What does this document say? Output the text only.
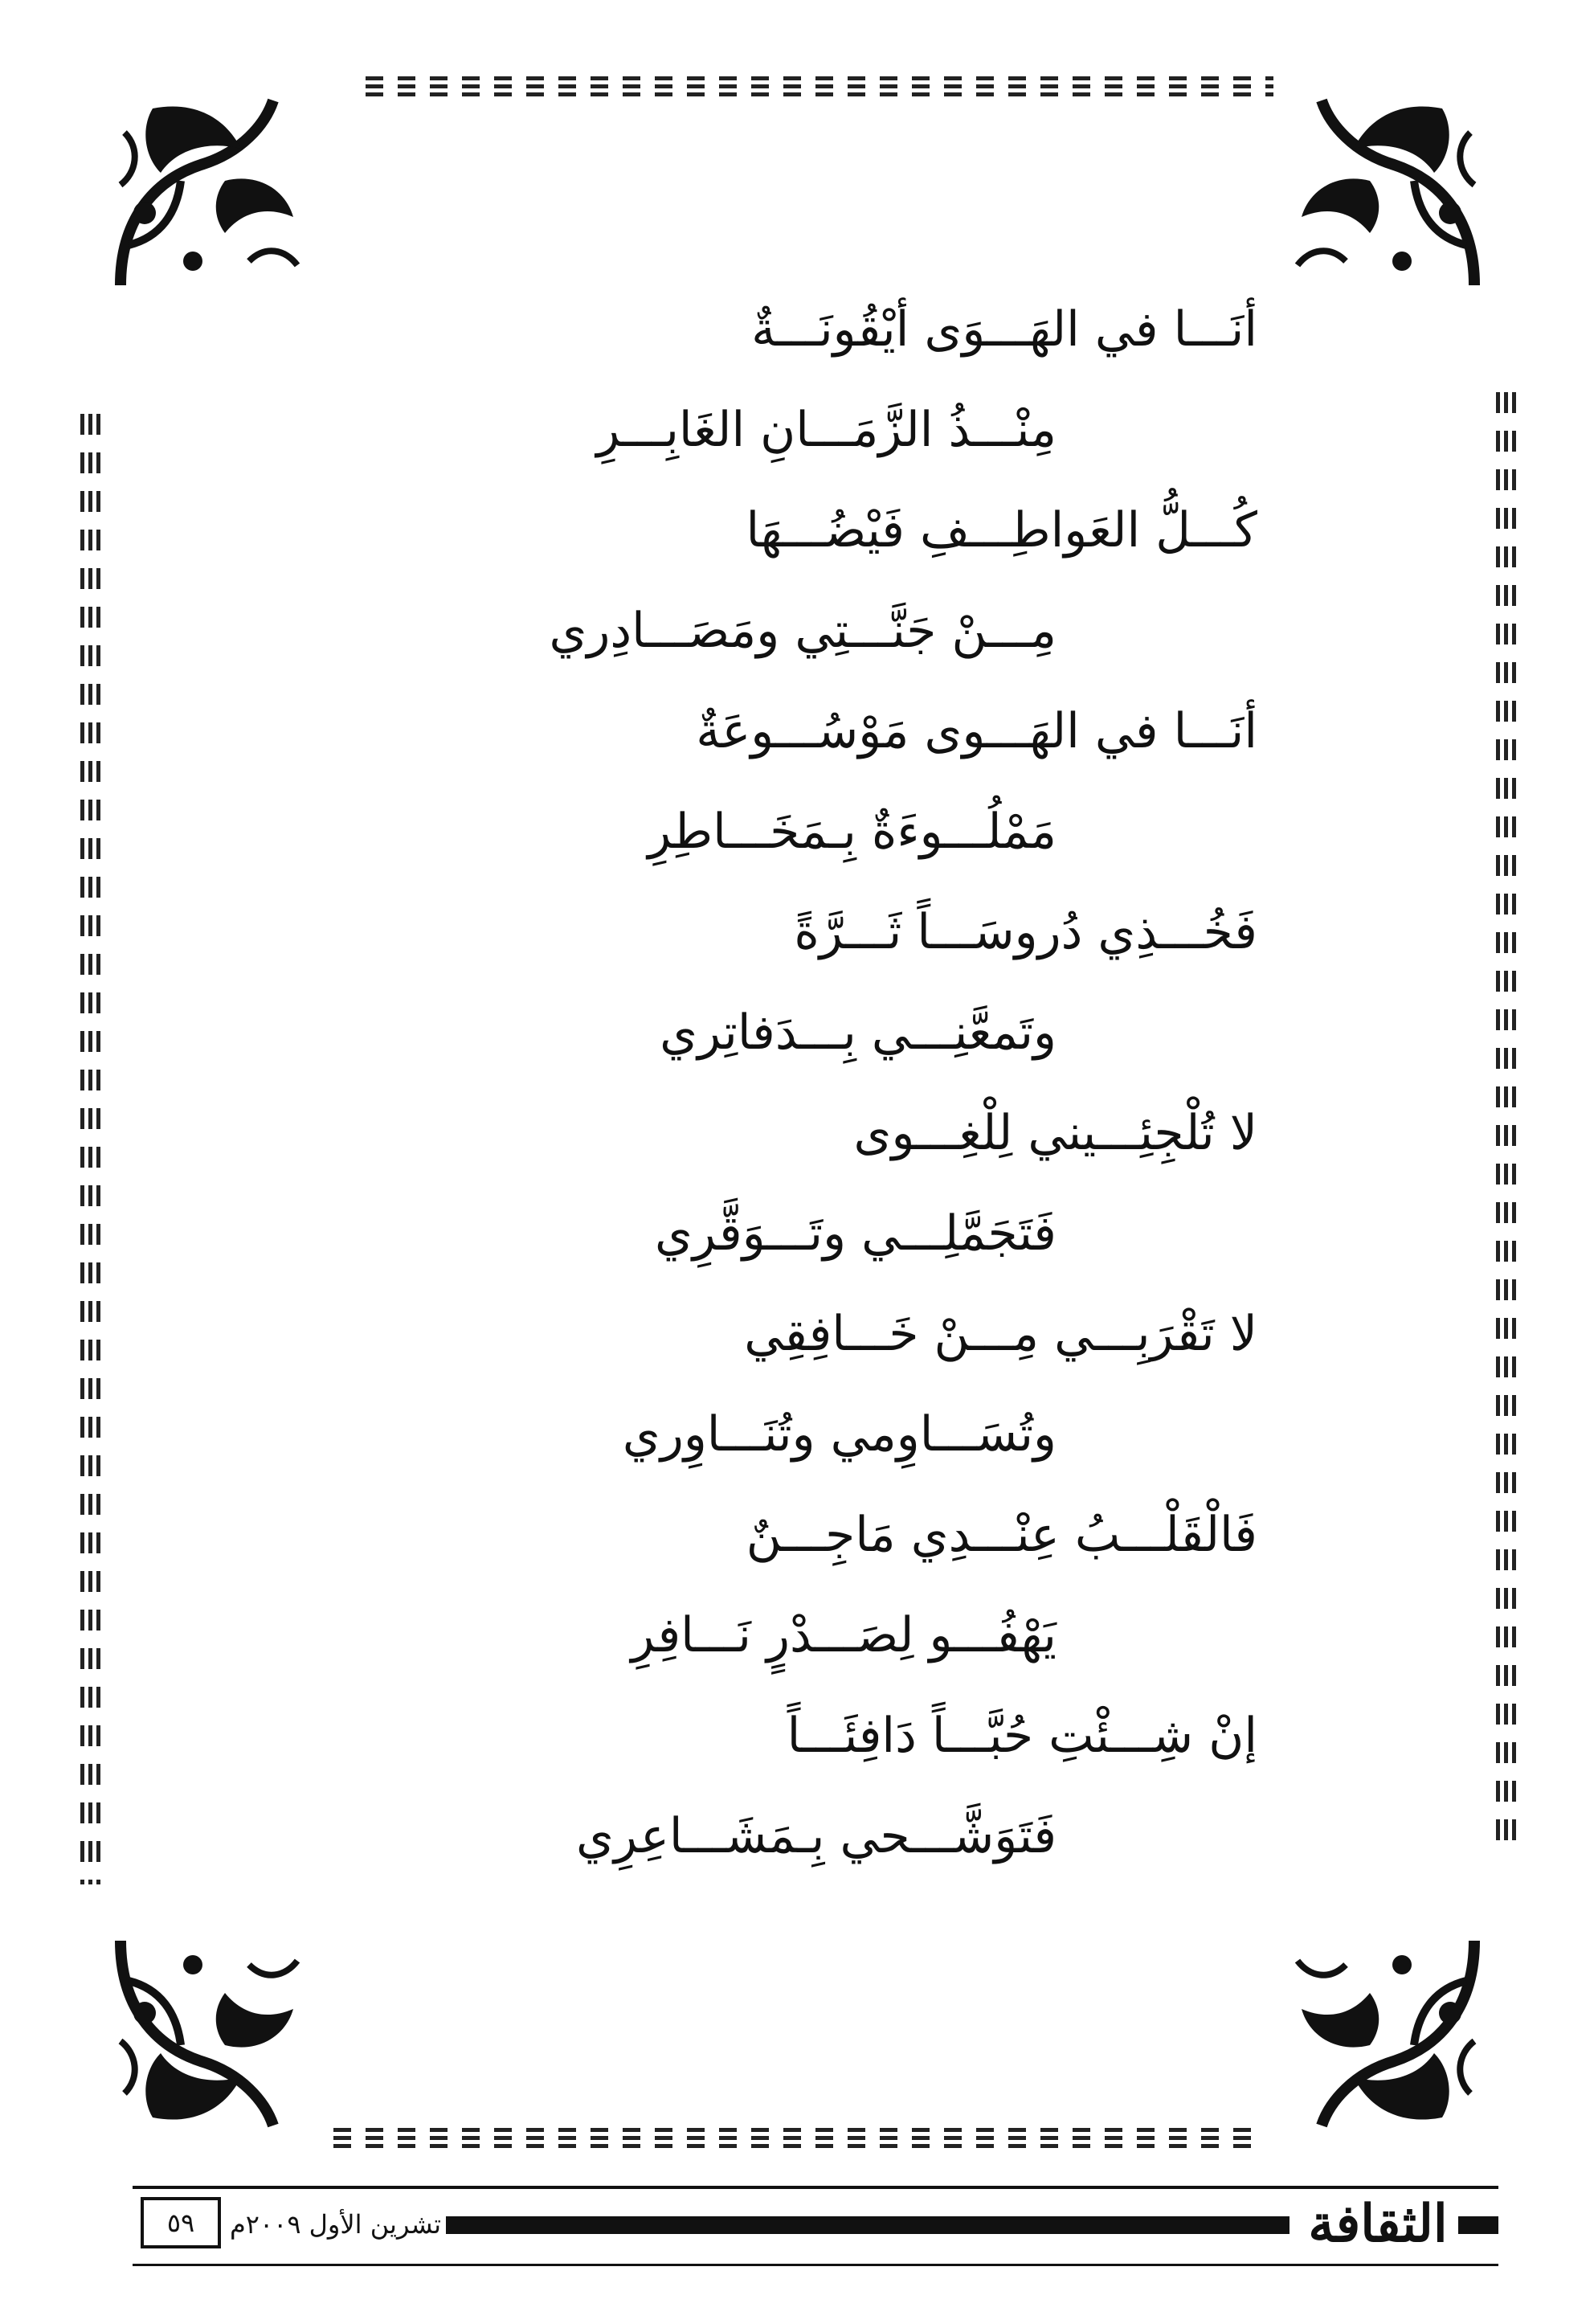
أنَـــا في الهَـــوَى أيْقُونَـــةٌ
مِنْـــذُ الزَّمَـــانِ الغَابِـــرِ
كُـــلُّ العَواطِـــفِ فَيْضُـــهَا
مِـــنْ جَنَّـــتِي ومَصَـــادِري
أنَـــا في الهَـــوى مَوْسُـــوعَةٌ
مَمْلُـــوءَةٌ بِـمَخَـــاطِرِ
فَخُـــذِي دُروسَـــاً ثَـــرَّةً
وتَمعَّنِـــي بِـــدَفاتِري
لا تُلْجِئِـــيني لِلْغِـــوى
فَتَجَمَّلِـــي وتَـــوَقَّرِي
لا تَقْرَبِـــي مِـــنْ خَـــافِقِي
وتُسَـــاوِمي وتُنَـــاوِري
فَالْقَلْـــبُ عِنْـــدِي مَاجِـــنٌ
يَهْفُـــو لِصَـــدْرٍ نَـــافِرِ
إنْ شِـــئْتِ حُبَّـــاً دَافِئَـــاً
فَتَوَشَّـــحي بِـمَشَـــاعِرِي
الثقافة
تشرين الأول ٢٠٠٩م
٥٩
